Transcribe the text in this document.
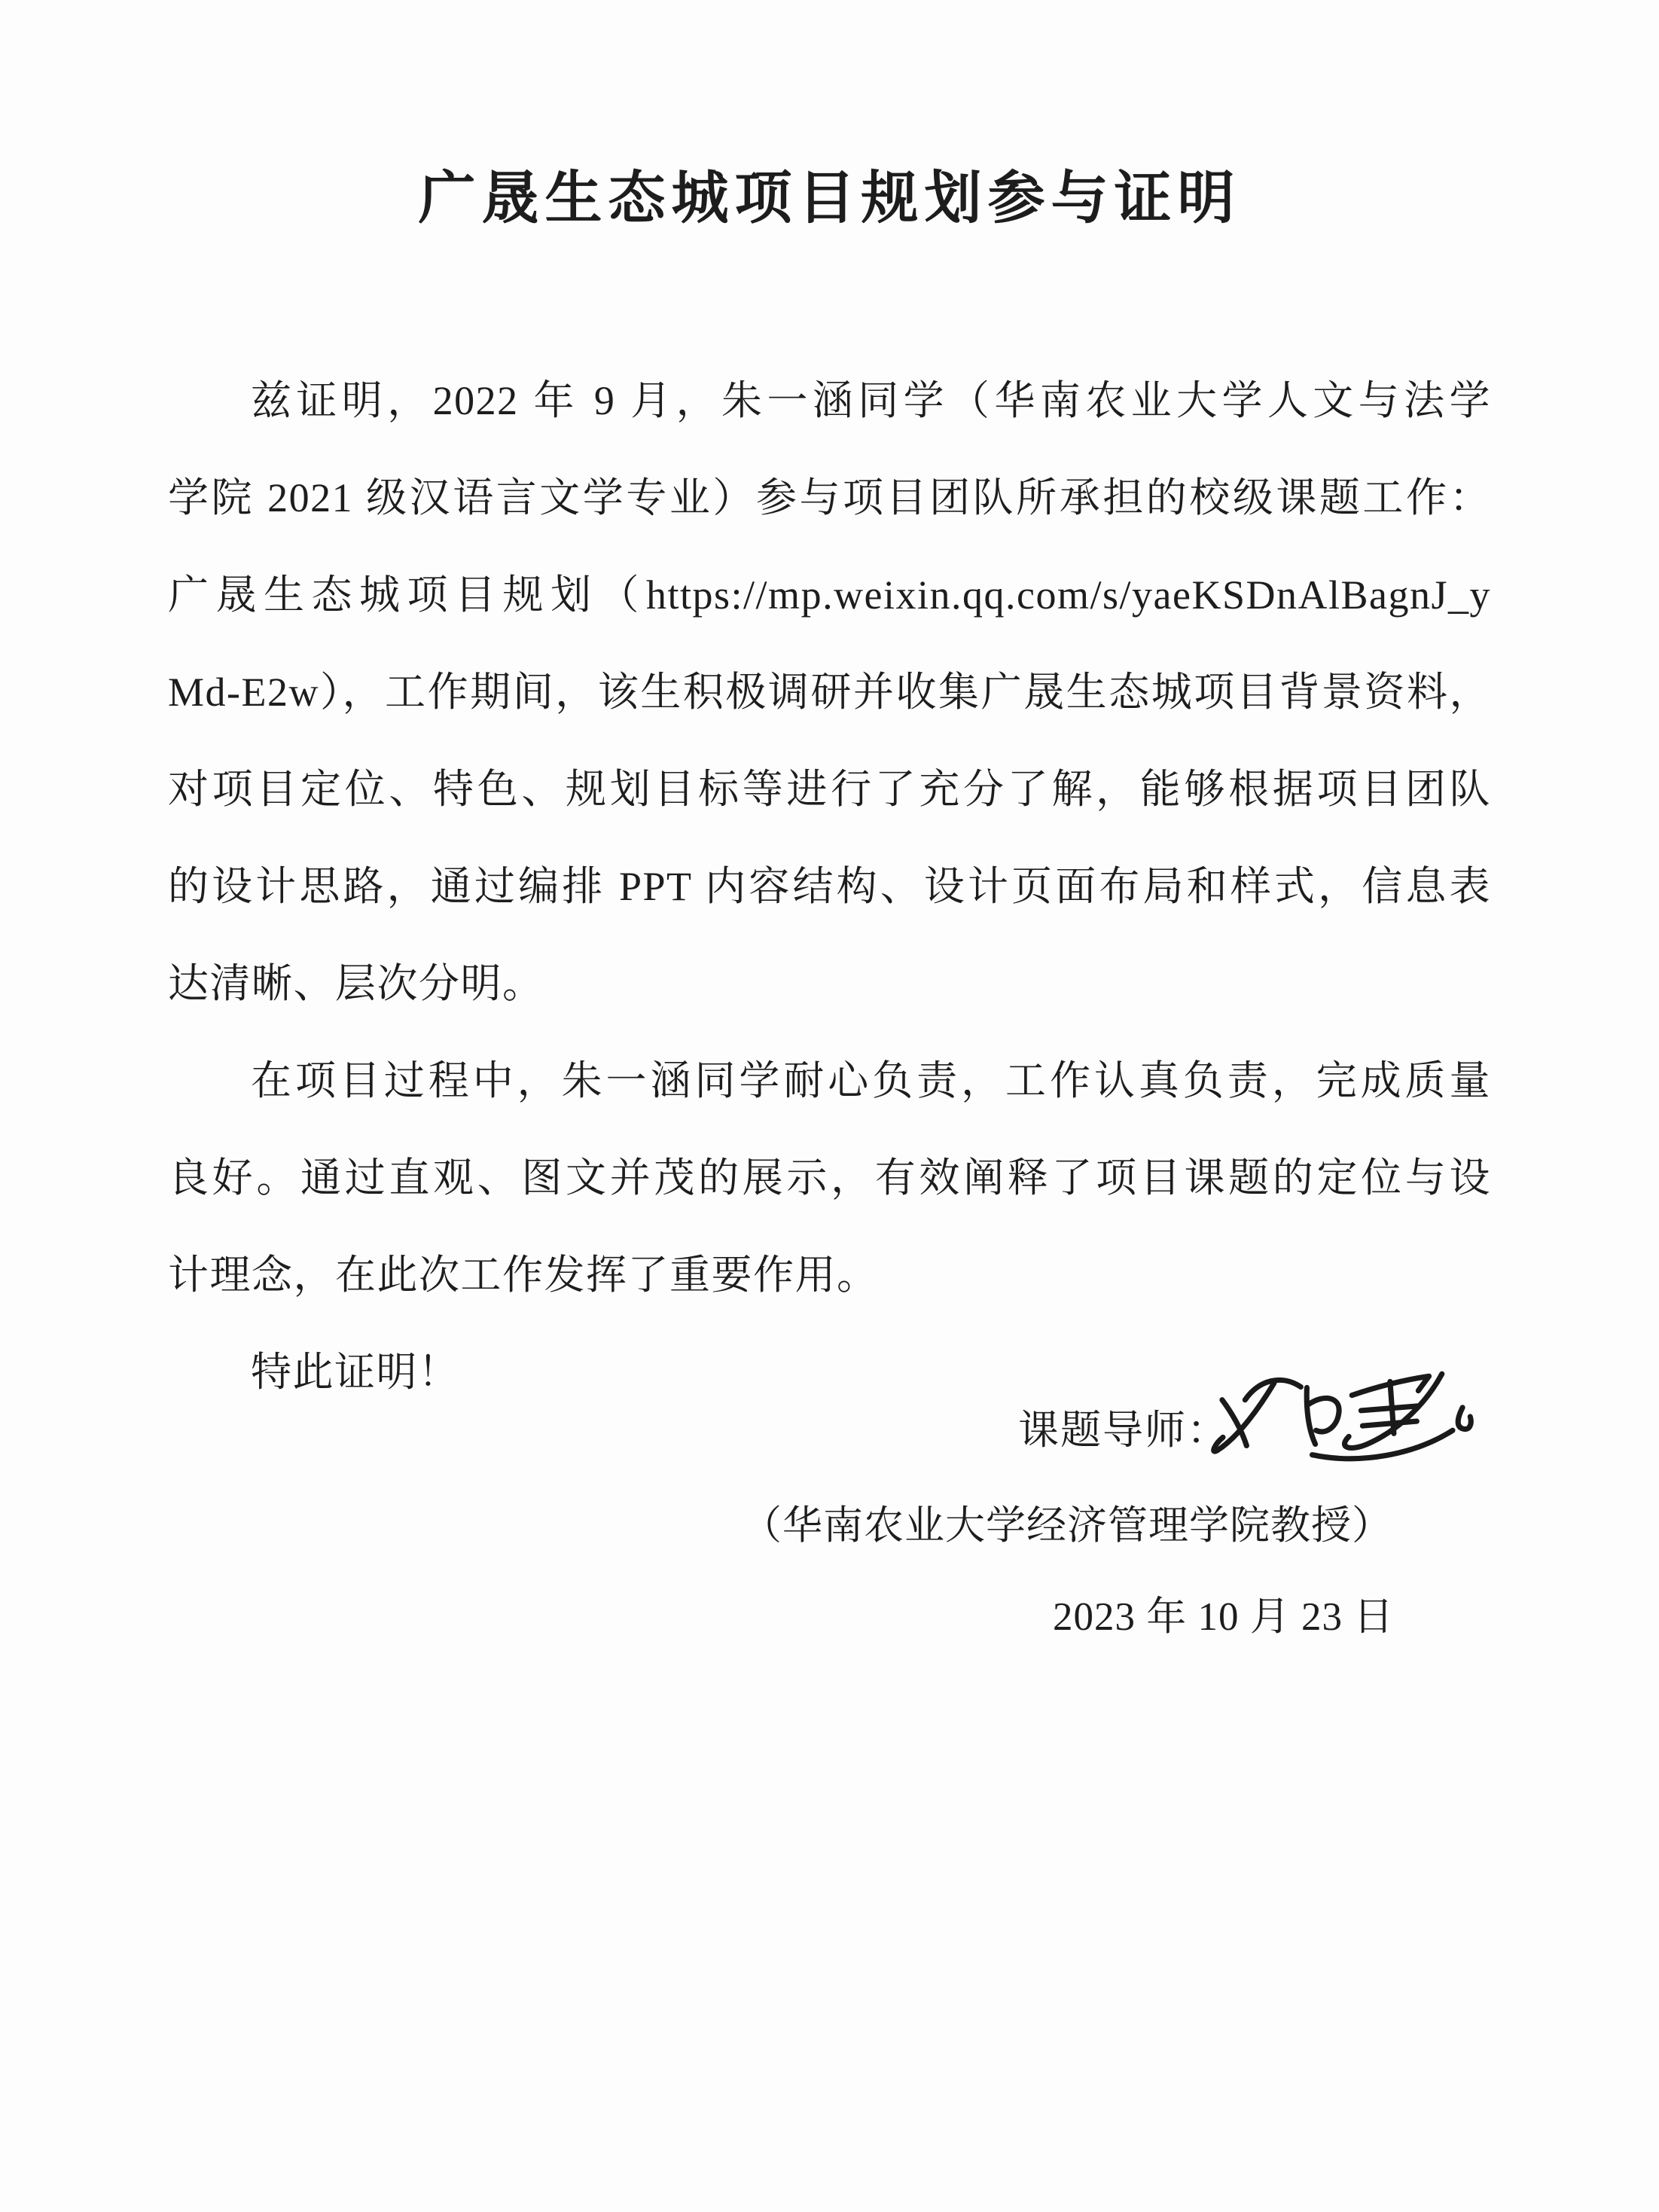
广晟生态城项目规划参与证明
兹证明，2022 年 9 月，朱一涵同学（华南农业大学人文与法学
学院 2021 级汉语言文学专业）参与项目团队所承担的校级课题工作：
广晟生态城项目规划（https://mp.weixin.qq.com/s/yaeKSDnAlBagnJ_y
Md-E2w），工作期间，该生积极调研并收集广晟生态城项目背景资料，
对项目定位、特色、规划目标等进行了充分了解，能够根据项目团队
的设计思路，通过编排 PPT 内容结构、设计页面布局和样式，信息表
达清晰、层次分明。
在项目过程中，朱一涵同学耐心负责，工作认真负责，完成质量
良好。通过直观、图文并茂的展示，有效阐释了项目课题的定位与设
计理念，在此次工作发挥了重要作用。
特此证明！
课题导师：
（华南农业大学经济管理学院教授）
2023 年 10 月 23 日
